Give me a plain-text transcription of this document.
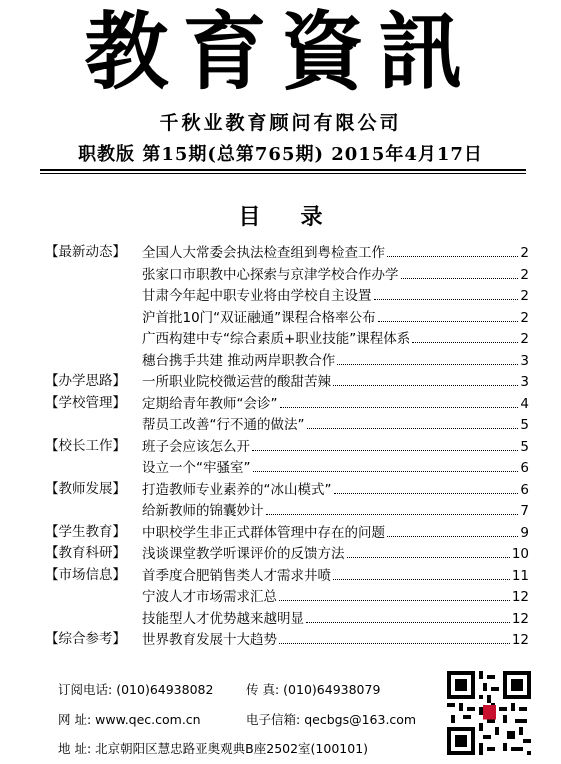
教育資訊
千秋业教育顾问有限公司
职教版 第15期(总第765期) 2015年4月17日
目录
【最新动态】	全国人大常委会执法检查组到粤检查工作	2
张家口市职教中心探索与京津学校合作办学	2
甘肃今年起中职专业将由学校自主设置	2
沪首批10门“双证融通”课程合格率公布	2
广西构建中专“综合素质+职业技能”课程体系	2
穗台携手共建 推动两岸职教合作	3
【办学思路】	一所职业院校微运营的酸甜苦辣	3
【学校管理】	定期给青年教师“会诊”	4
帮员工改善“行不通的做法”	5
【校长工作】	班子会应该怎么开	5
设立一个“牢骚室”	6
【教师发展】	打造教师专业素养的“冰山模式”	6
给新教师的锦囊妙计	7
【学生教育】	中职校学生非正式群体管理中存在的问题	9
【教育科研】	浅谈课堂教学听课评价的反馈方法	10
【市场信息】	首季度合肥销售类人才需求井喷	11
宁波人才市场需求汇总	12
技能型人才优势越来越明显	12
【综合参考】	世界教育发展十大趋势	12
订阅电话: (010)64938082	传 真: (010)64938079
网 址: www.qec.com.cn	电子信箱: qecbgs@163.com
地 址: 北京朝阳区慧忠路亚奥观典B座2502室(100101)
